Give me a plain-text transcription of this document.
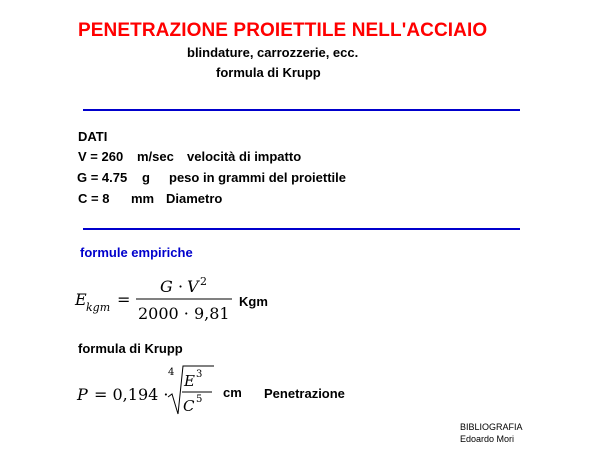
PENETRAZIONE PROIETTILE NELL'ACCIAIO
blindature, carrozzerie, ecc.
formula di Krupp
DATI
V = 260 m/sec velocità di impatto
G = 4.75 g peso in grammi del proiettile
C = 8 mm Diametro
formule empiriche
E kgm =
G · V 2
2000 · 9,81
Kgm
formula di Krupp
P = 0,194 ·
4 E 3
C 5 cm Penetrazione
BIBLIOGRAFIA
Edoardo Mori
